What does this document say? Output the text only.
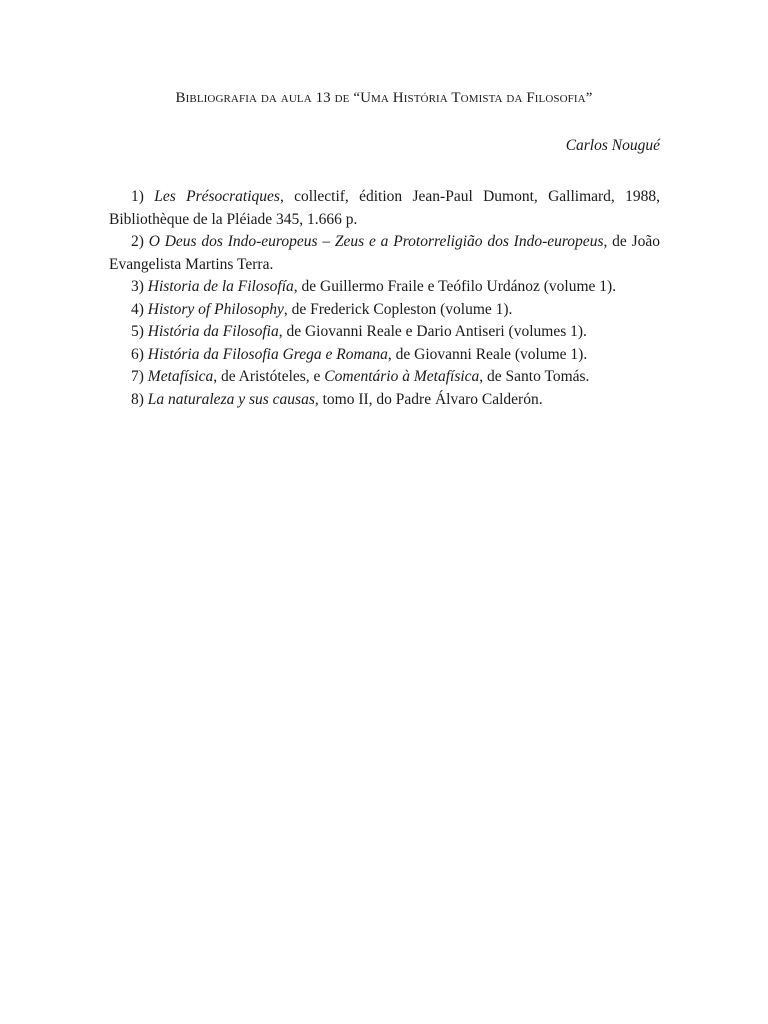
Bibliografia da aula 13 de “Uma História Tomista da Filosofia”
Carlos Nougué

1) Les Présocratiques, collectif, édition Jean-Paul Dumont, Gallimard, 1988, Bibliothèque de la Pléiade 345, 1.666 p.

2) O Deus dos Indo-europeus – Zeus e a Protorreligião dos Indo-europeus, de João Evangelista Martins Terra.

3) Historia de la Filosofía, de Guillermo Fraile e Teófilo Urdánoz (volume 1).

4) History of Philosophy, de Frederick Copleston (volume 1).

5) História da Filosofia, de Giovanni Reale e Dario Antiseri (volumes 1).

6) História da Filosofia Grega e Romana, de Giovanni Reale (volume 1).

7) Metafísica, de Aristóteles, e Comentário à Metafísica, de Santo Tomás.

8) La naturaleza y sus causas, tomo II, do Padre Álvaro Calderón.
